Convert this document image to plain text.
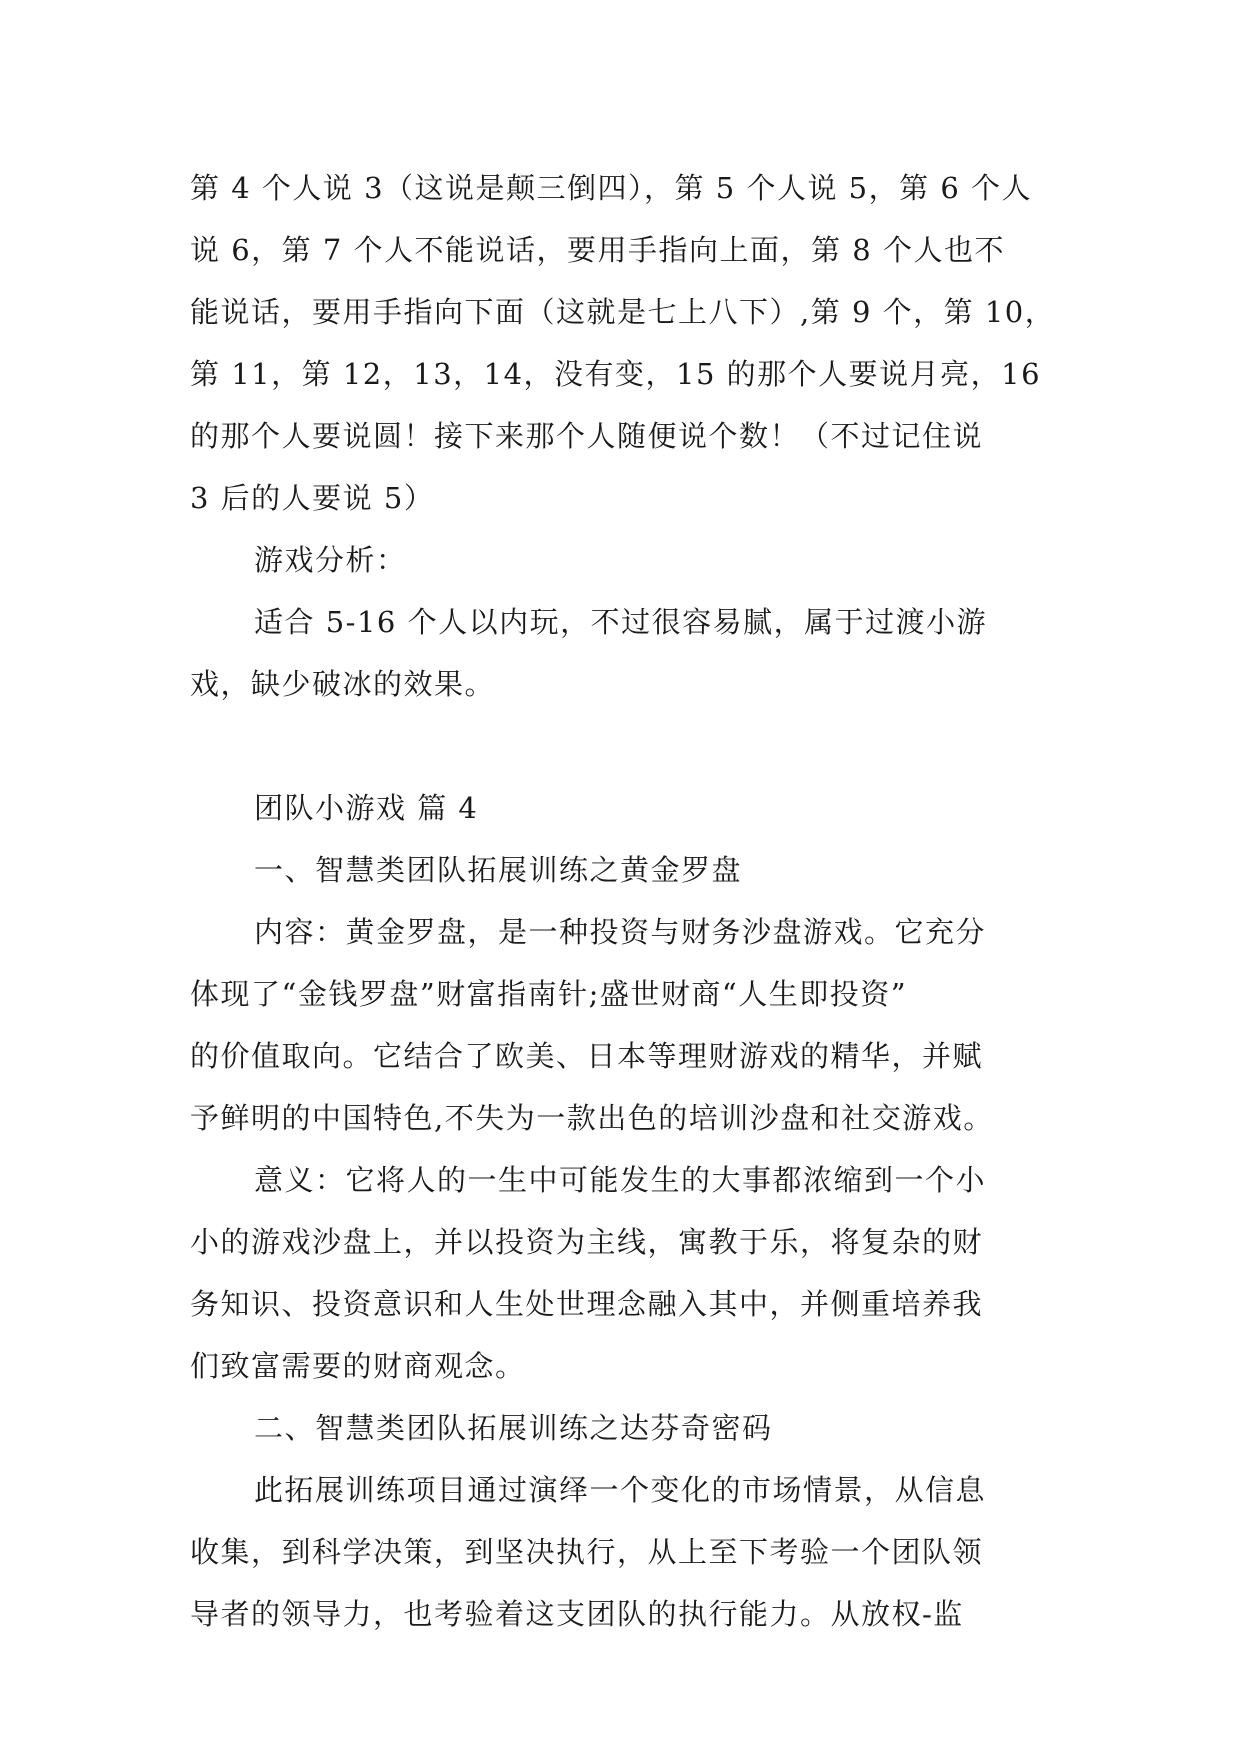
第 4 个人说 3（这说是颠三倒四），第 5 个人说 5，第 6 个人
说 6，第 7 个人不能说话，要用手指向上面，第 8 个人也不
能说话，要用手指向下面（这就是七上八下）,第 9 个，第 10，
第 11，第 12，13，14，没有变，15 的那个人要说月亮，16
的那个人要说圆！接下来那个人随便说个数！（不过记住说
3 后的人要说 5）
游戏分析：
适合 5-16 个人以内玩，不过很容易腻，属于过渡小游
戏，缺少破冰的效果。
团队小游戏 篇 4
一、智慧类团队拓展训练之黄金罗盘
内容：黄金罗盘，是一种投资与财务沙盘游戏。它充分
体现了“金钱罗盘”财富指南针;盛世财商“人生即投资”
的价值取向。它结合了欧美、日本等理财游戏的精华，并赋
予鲜明的中国特色,不失为一款出色的培训沙盘和社交游戏。
意义：它将人的一生中可能发生的大事都浓缩到一个小
小的游戏沙盘上，并以投资为主线，寓教于乐，将复杂的财
务知识、投资意识和人生处世理念融入其中，并侧重培养我
们致富需要的财商观念。
二、智慧类团队拓展训练之达芬奇密码
此拓展训练项目通过演绎一个变化的市场情景，从信息
收集，到科学决策，到坚决执行，从上至下考验一个团队领
导者的领导力，也考验着这支团队的执行能力。从放权-监
